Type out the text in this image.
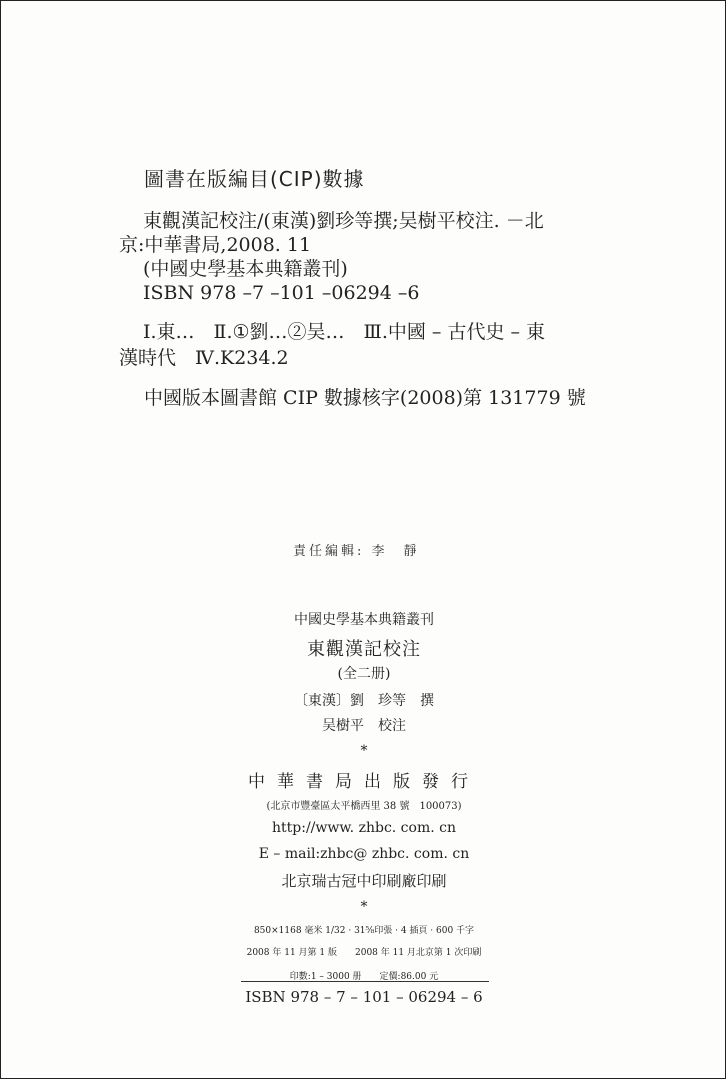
圖書在版編目(CIP)數據
東觀漢記校注/(東漢)劉珍等撰;吴樹平校注. －北
京:中華書局,2008. 11
(中國史學基本典籍叢刊)
ISBN 978 –7 –101 –06294 –6
Ⅰ.東…　Ⅱ.①劉…②吴…　Ⅲ.中國 – 古代史 – 東
漢時代　Ⅳ.K234.2
中國版本圖書館 CIP 數據核字(2008)第 131779 號
責任編輯: 李　靜
中國史學基本典籍叢刊
東觀漢記校注
(全二册)
〔東漢〕劉　珍等　撰
吴樹平　校注
*
中華書局出版發行
(北京市豐臺區太平橋西里 38 號　100073)
http://www. zhbc. com. cn
E – mail:zhbc@ zhbc. com. cn
北京瑞古冠中印刷廠印刷
*
850×1168 毫米 1/32 · 31⅝印張 · 4 插頁 · 600 千字
2008 年 11 月第 1 版　　2008 年 11 月北京第 1 次印刷
印數:1 – 3000 册　　定價:86.00 元
ISBN 978 – 7 – 101 – 06294 – 6
